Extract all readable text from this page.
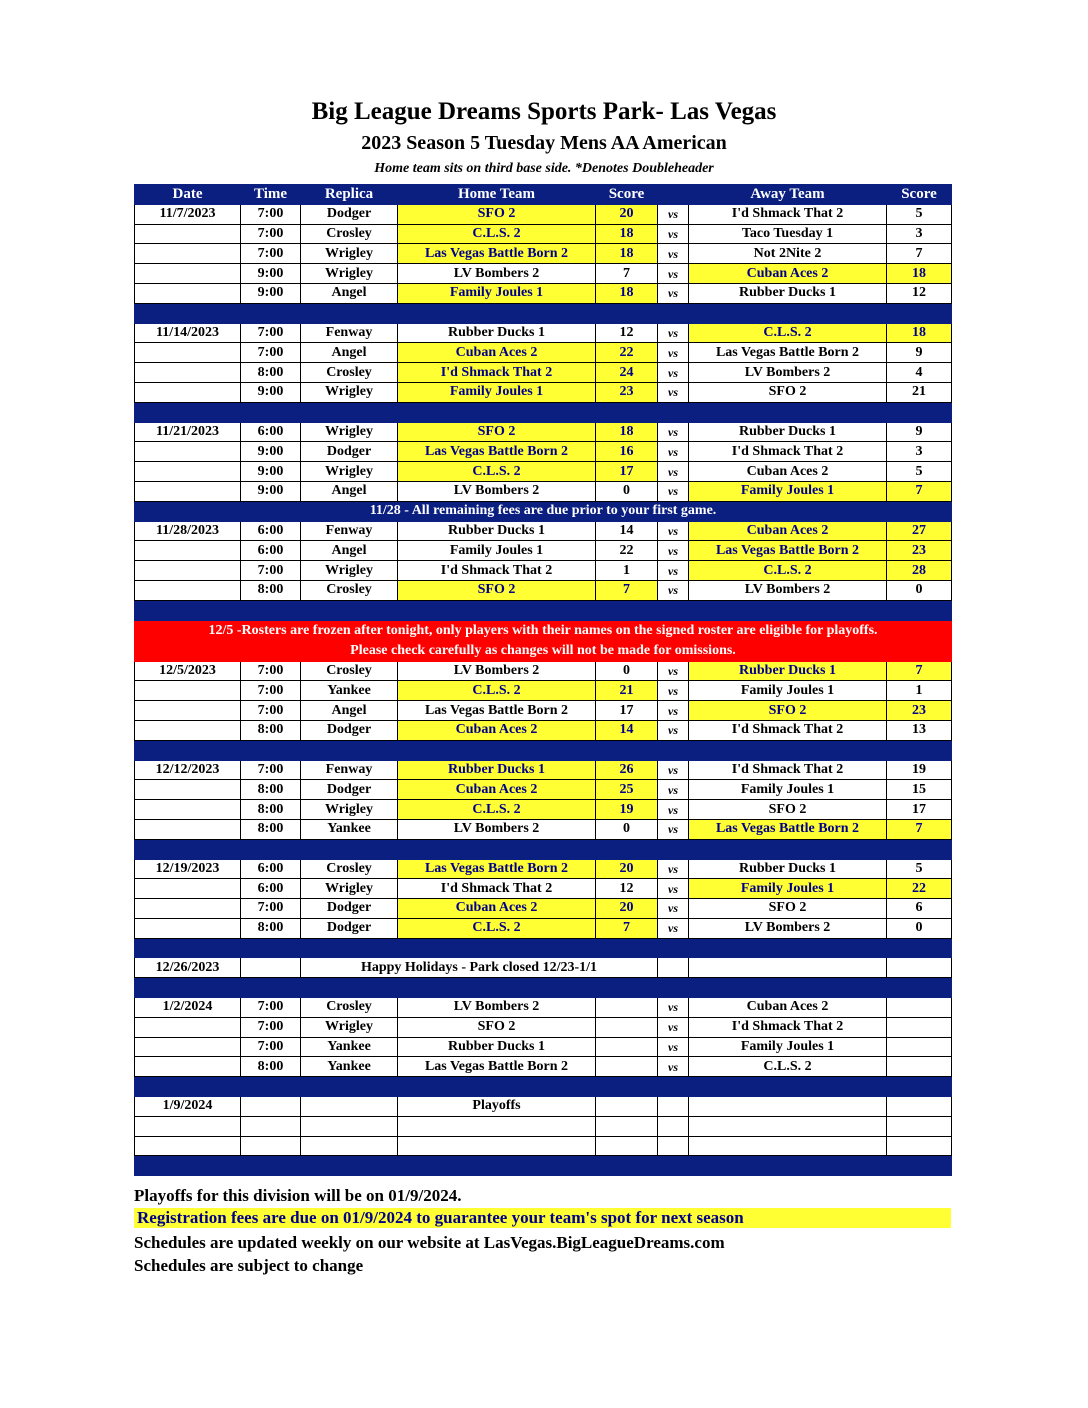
Big League Dreams Sports Park- Las Vegas
2023 Season 5 Tuesday Mens AA American
Home team sits on third base side. *Denotes Doubleheader
Date	Time	Replica	Home Team	Score		Away Team	Score
11/7/2023	7:00	Dodger	SFO 2	20	vs	I'd Shmack That 2	5
	7:00	Crosley	C.L.S. 2	18	vs	Taco Tuesday 1	3
	7:00	Wrigley	Las Vegas Battle Born 2	18	vs	Not 2Nite 2	7
	9:00	Wrigley	LV Bombers 2	7	vs	Cuban Aces 2	18
	9:00	Angel	Family Joules 1	18	vs	Rubber Ducks 1	12

11/14/2023	7:00	Fenway	Rubber Ducks 1	12	vs	C.L.S. 2	18
	7:00	Angel	Cuban Aces 2	22	vs	Las Vegas Battle Born 2	9
	8:00	Crosley	I'd Shmack That 2	24	vs	LV Bombers 2	4
	9:00	Wrigley	Family Joules 1	23	vs	SFO 2	21

11/21/2023	6:00	Wrigley	SFO 2	18	vs	Rubber Ducks 1	9
	9:00	Dodger	Las Vegas Battle Born 2	16	vs	I'd Shmack That 2	3
	9:00	Wrigley	C.L.S. 2	17	vs	Cuban Aces 2	5
	9:00	Angel	LV Bombers 2	0	vs	Family Joules 1	7
11/28 - All remaining fees are due prior to your first game.							
11/28/2023	6:00	Fenway	Rubber Ducks 1	14	vs	Cuban Aces 2	27
	6:00	Angel	Family Joules 1	22	vs	Las Vegas Battle Born 2	23
	7:00	Wrigley	I'd Shmack That 2	1	vs	C.L.S. 2	28
	8:00	Crosley	SFO 2	7	vs	LV Bombers 2	0

12/5 -Rosters are frozen after tonight, only players with their names on the signed roster are eligible for playoffs.
Please check carefully as changes will not be made for omissions.							

12/5/2023	7:00	Crosley	LV Bombers 2	0	vs	Rubber Ducks 1	7
	7:00	Yankee	C.L.S. 2	21	vs	Family Joules 1	1
	7:00	Angel	Las Vegas Battle Born 2	17	vs	SFO 2	23
	8:00	Dodger	Cuban Aces 2	14	vs	I'd Shmack That 2	13

12/12/2023	7:00	Fenway	Rubber Ducks 1	26	vs	I'd Shmack That 2	19
	8:00	Dodger	Cuban Aces 2	25	vs	Family Joules 1	15
	8:00	Wrigley	C.L.S. 2	19	vs	SFO 2	17
	8:00	Yankee	LV Bombers 2	0	vs	Las Vegas Battle Born 2	7

12/19/2023	6:00	Crosley	Las Vegas Battle Born 2	20	vs	Rubber Ducks 1	5
	6:00	Wrigley	I'd Shmack That 2	12	vs	Family Joules 1	22
	7:00	Dodger	Cuban Aces 2	20	vs	SFO 2	6
	8:00	Dodger	C.L.S. 2	7	vs	LV Bombers 2	0

12/26/2023		Happy Holidays - Park closed 12/23-1/1					

1/2/2024	7:00	Crosley	LV Bombers 2		vs	Cuban Aces 2	
	7:00	Wrigley	SFO 2		vs	I'd Shmack That 2	
	7:00	Yankee	Rubber Ducks 1		vs	Family Joules 1	
	8:00	Yankee	Las Vegas Battle Born 2		vs	C.L.S. 2	

1/9/2024			Playoffs				

Playoffs for this division will be on 01/9/2024.
Registration fees are due on 01/9/2024 to guarantee your team's spot for next season
Schedules are updated weekly on our website at LasVegas.BigLeagueDreams.com
Schedules are subject to change
